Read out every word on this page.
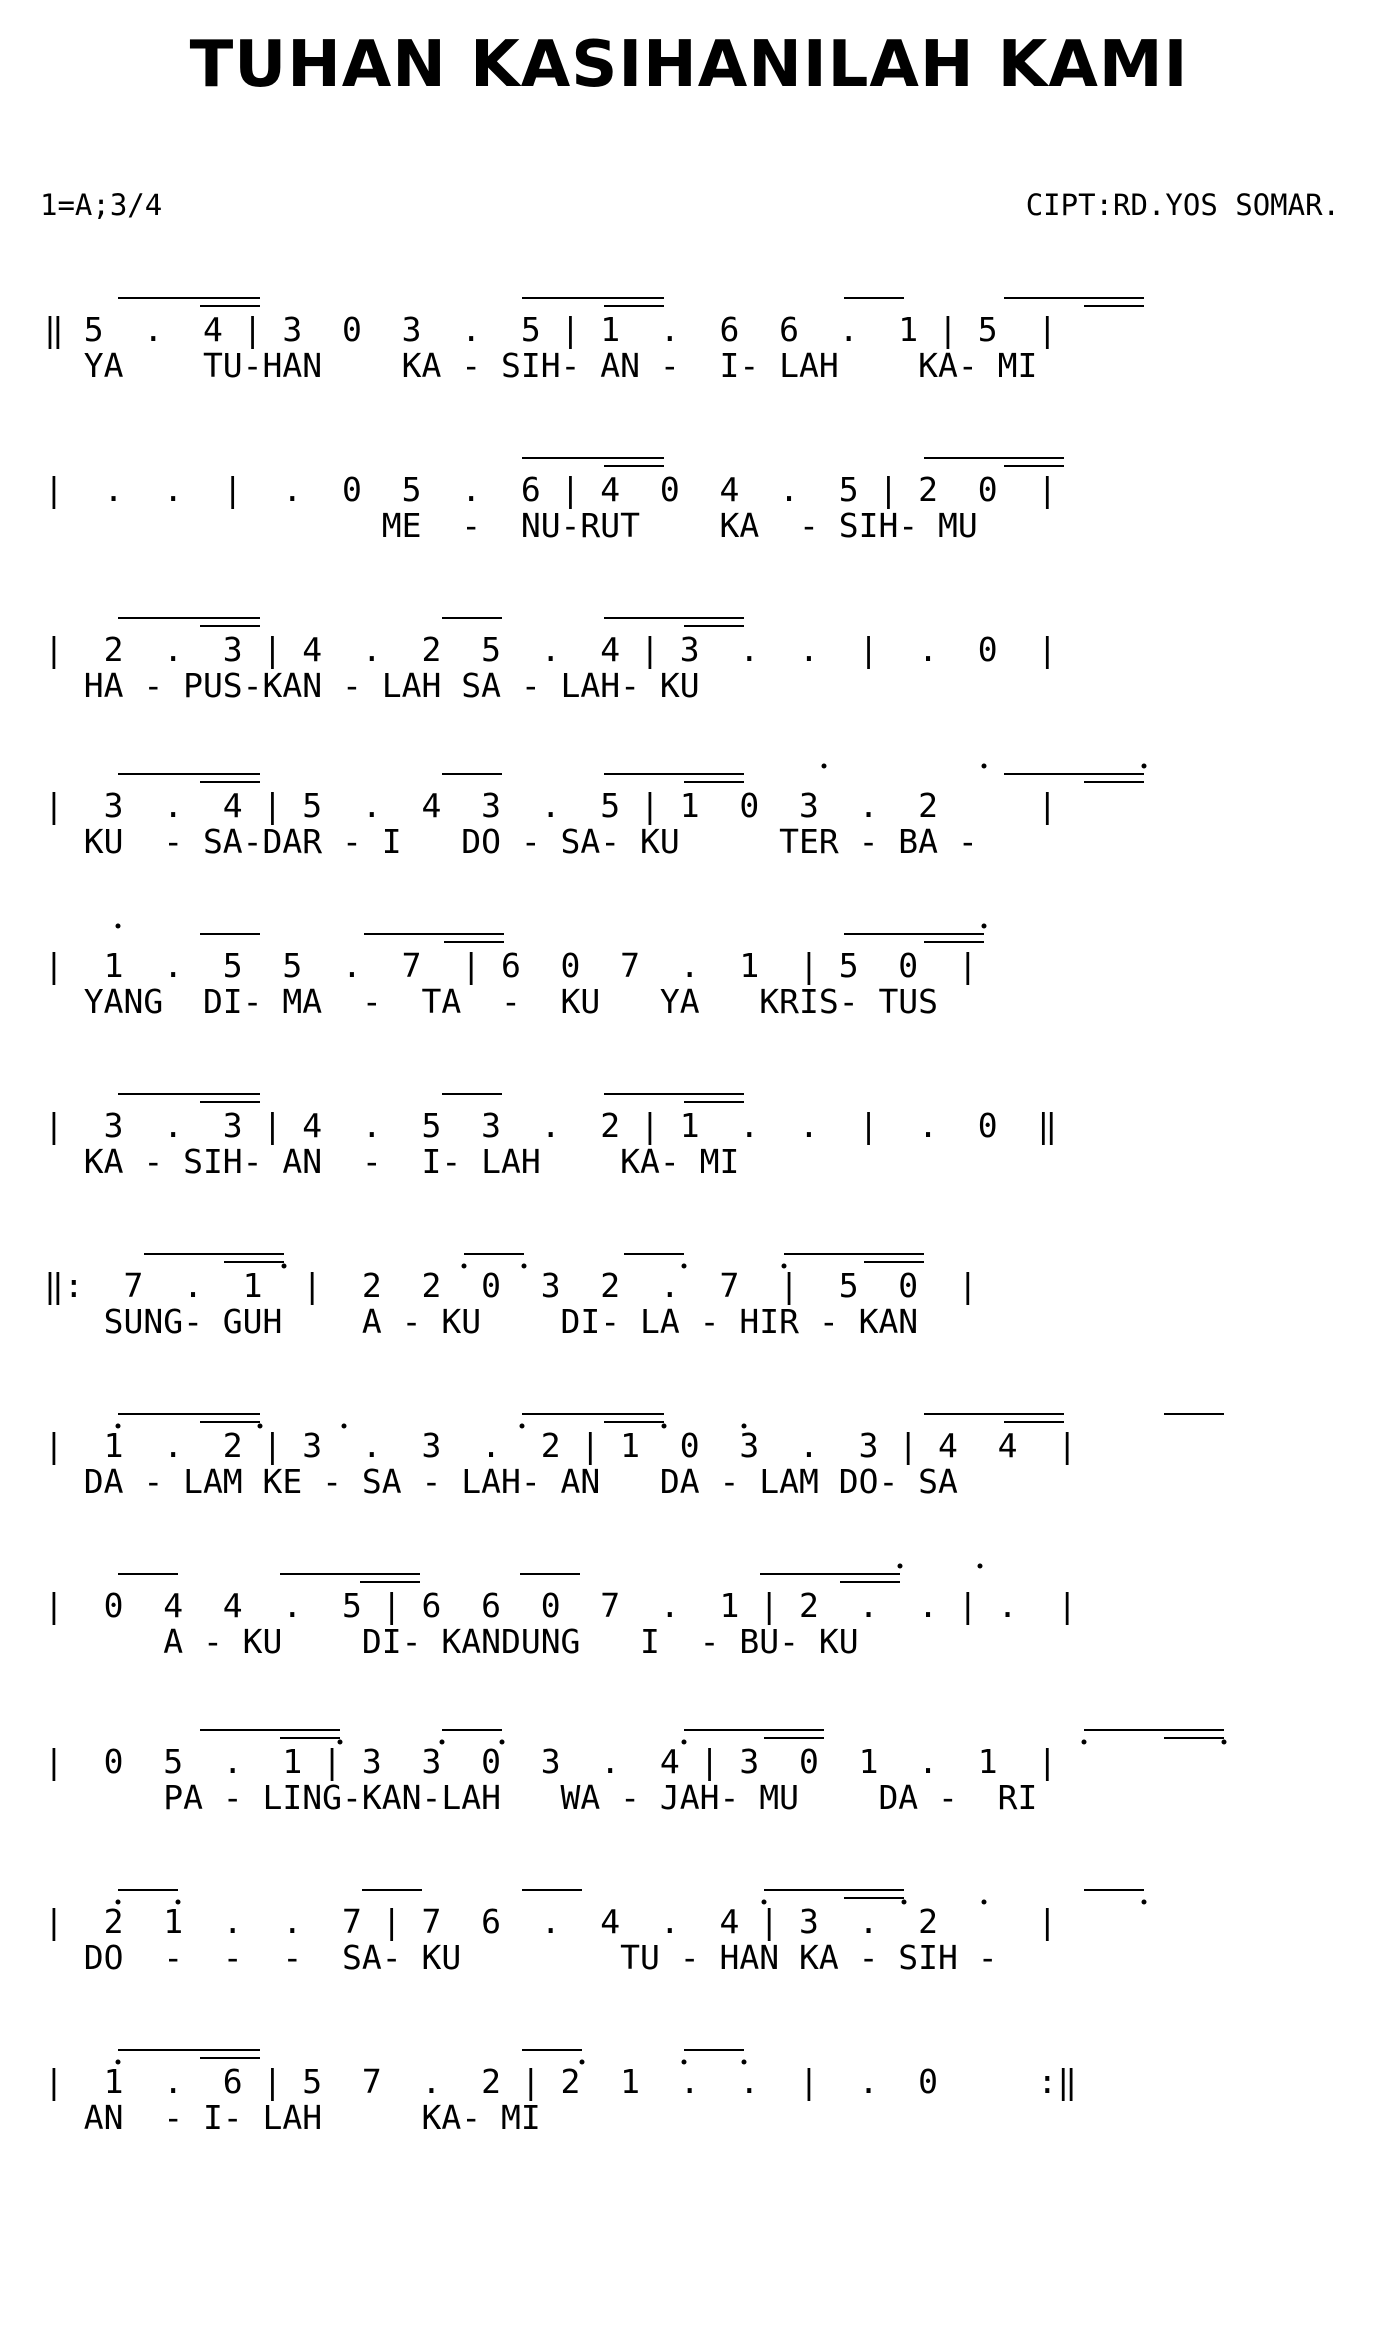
TUHAN KASIHANILAH KAMI
1=A;3/4	CIPT:RD.YOS SOMAR.
‖ 5  .  4 | 3  0  3  .  5 | 1  .  6  6  .  1 | 5  |
YA    TU-HAN    KA - SIH- AN -  I- LAH    KA- MI
|  .  .  |  .  0  5  .  6 | 4  0  4  .  5 | 2  0  |
ME  -  NU-RUT    KA  - SIH- MU
|  2  .  3 | 4  .  2  5  .  4 | 3  .  .  |  .  0  |
HA - PUS-KAN - LAH SA - LAH- KU
|  3  .  4 | 5  .  4  3  .  5 | 1  0  3  .  2     |
KU  - SA-DAR - I   DO - SA- KU     TER - BA -
|  1  .  5  5  .  7  | 6  0  7  .  1  | 5  0  |
YANG  DI- MA  -  TA  -  KU   YA   KRIS- TUS
|  3  .  3 | 4  .  5  3  .  2 | 1  .  .  |  .  0  ‖
KA - SIH- AN  -  I- LAH    KA- MI
‖:  7  .  1  |  2  2  0  3  2  .  7  |  5  0  |
SUNG- GUH    A - KU    DI- LA - HIR - KAN
|  1  .  2 | 3  .  3  .  2 | 1  0  3  .  3 | 4  4  |
DA - LAM KE - SA - LAH- AN   DA - LAM DO- SA
|  0  4  4  .  5 | 6  6  0  7  .  1 | 2  .  . | .  |
A - KU    DI- KANDUNG   I  - BU- KU
|  0  5  .  1 | 3  3  0  3  .  4 | 3  0  1  .  1  |
PA - LING-KAN-LAH   WA - JAH- MU    DA -  RI
|  2  1  .  .  7 | 7  6  .  4  .  4 | 3  .  2     |
DO  -  -  -  SA- KU        TU - HAN KA - SIH -
|  1  .  6 | 5  7  .  2 | 2  1  .  .  |  .  0     :‖
AN  - I- LAH     KA- MI
